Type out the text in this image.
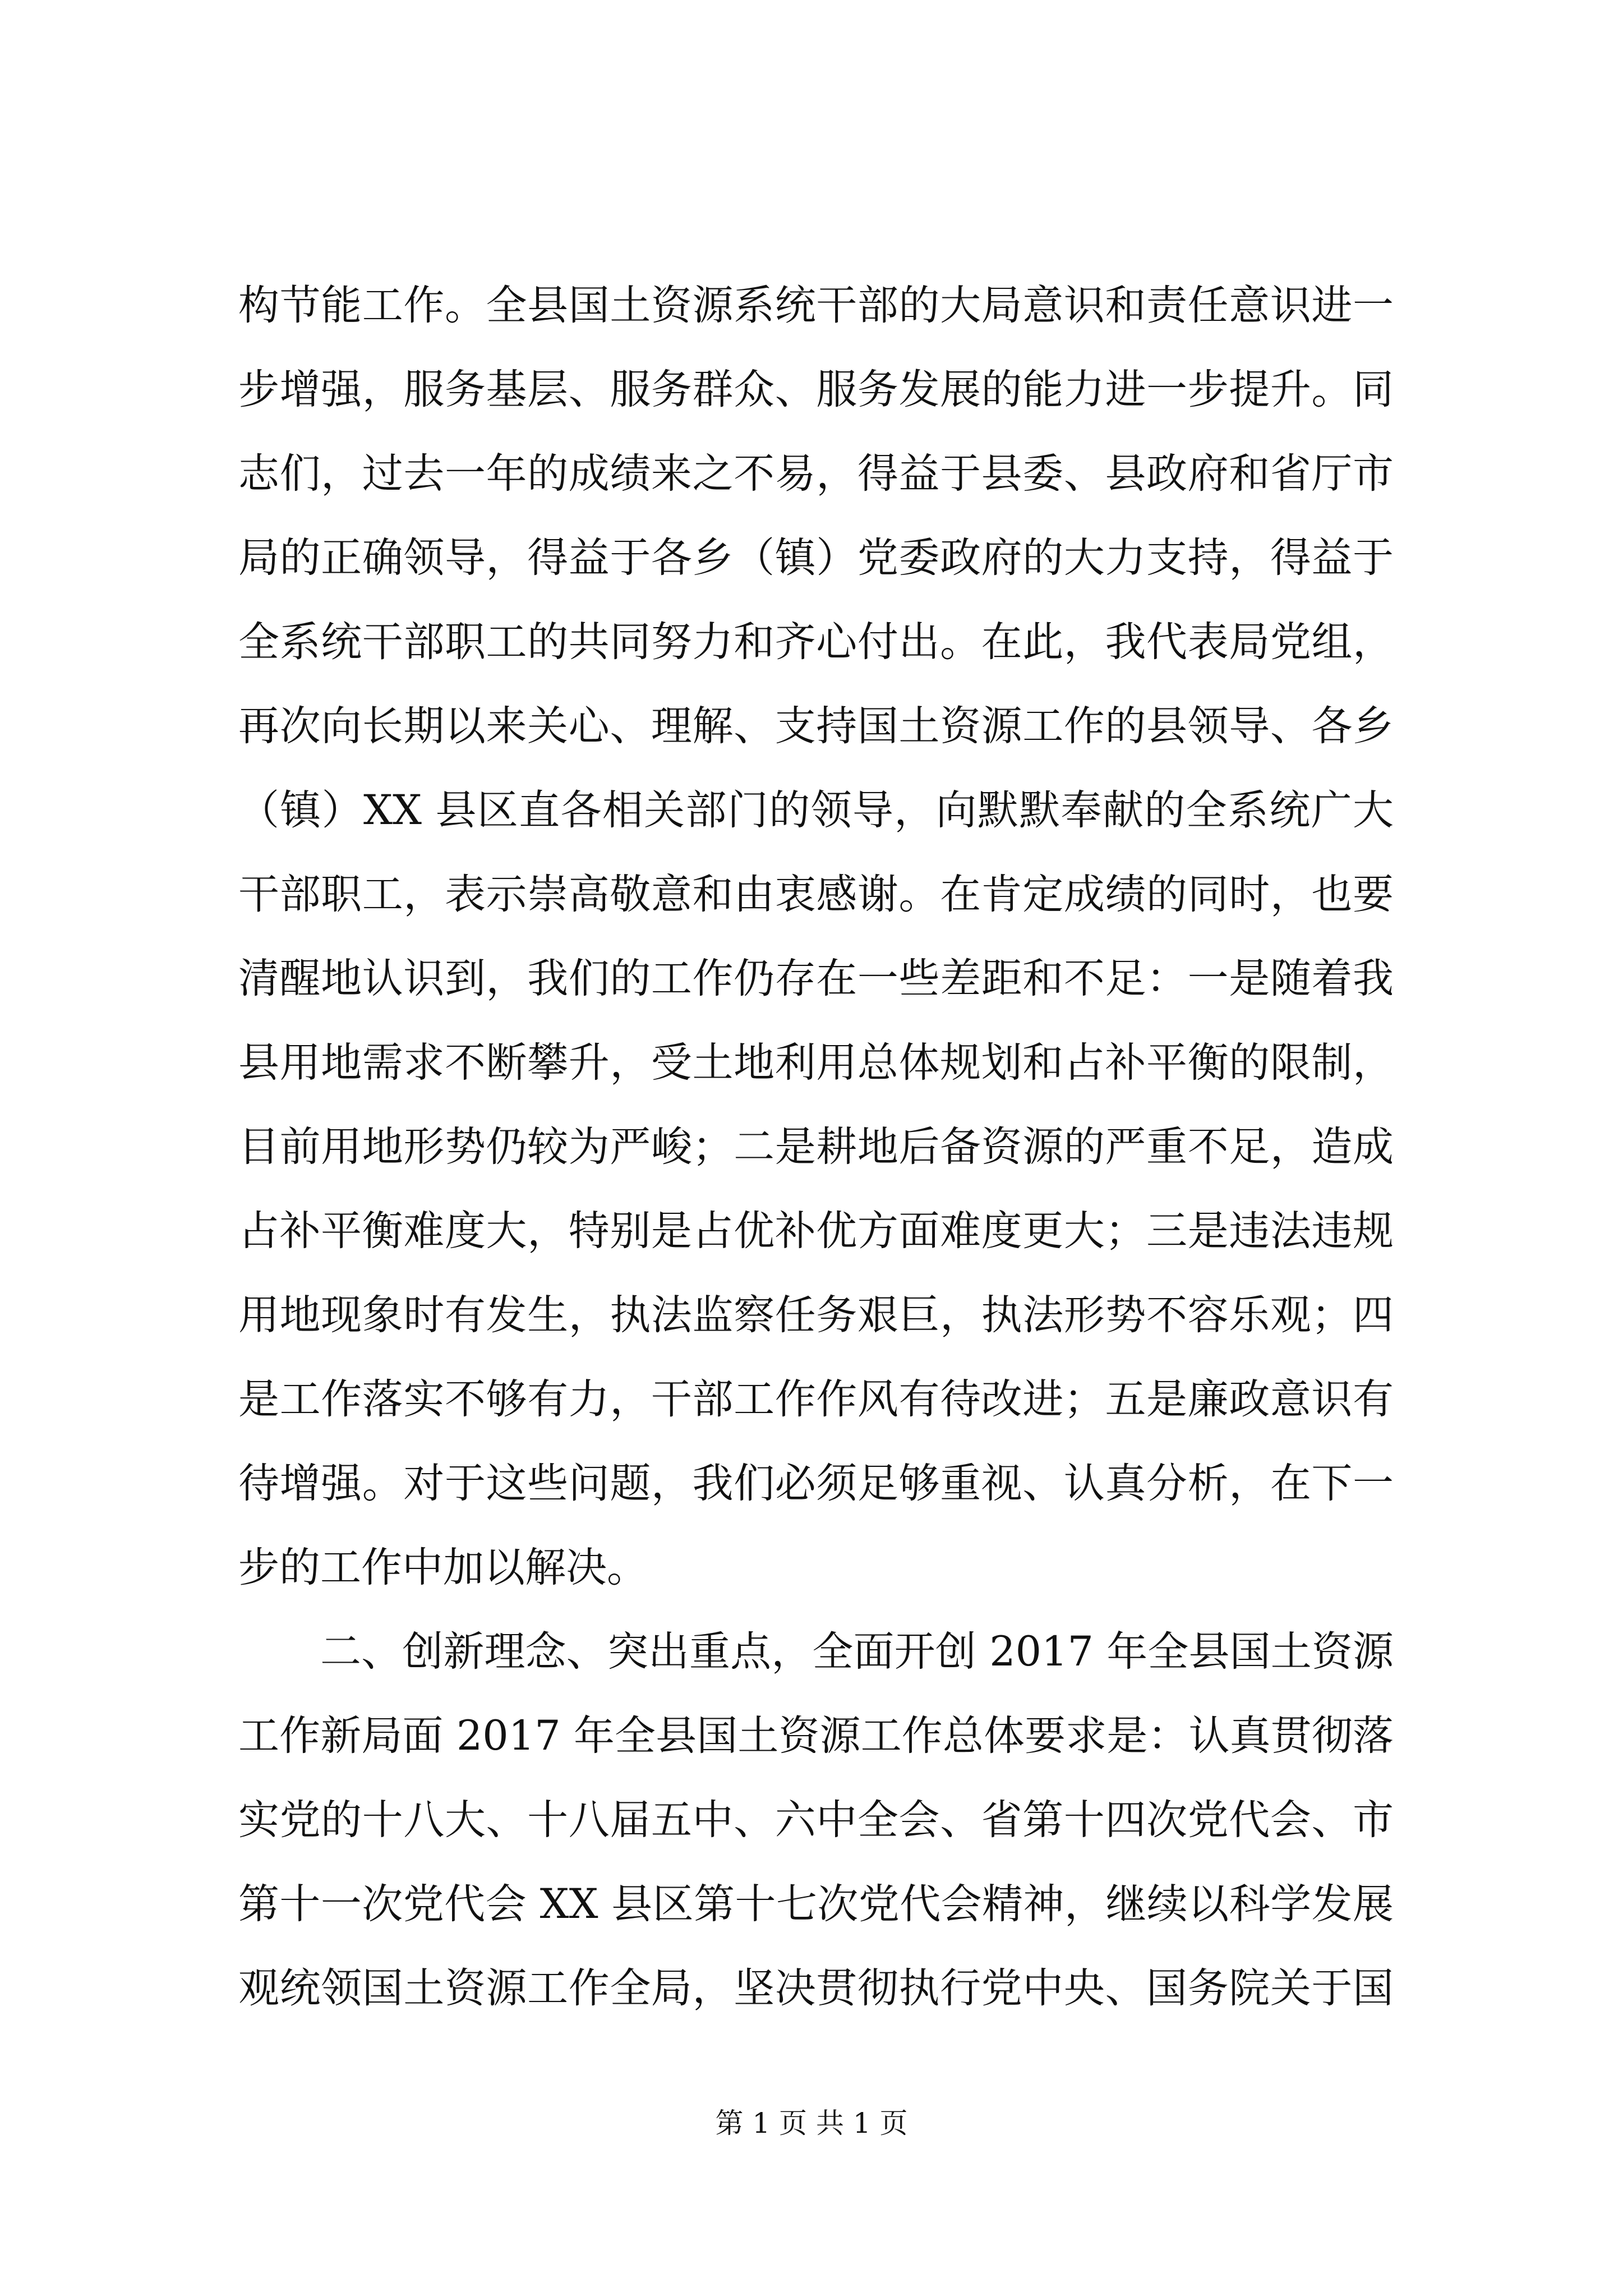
构节能工作。全县国土资源系统干部的大局意识和责任意识进一
步增强，服务基层、服务群众、服务发展的能力进一步提升。同
志们，过去一年的成绩来之不易，得益于县委、县政府和省厅市
局的正确领导，得益于各乡（镇）党委政府的大力支持，得益于
全系统干部职工的共同努力和齐心付出。在此，我代表局党组，
再次向长期以来关心、理解、支持国土资源工作的县领导、各乡
（镇）XX 县区直各相关部门的领导，向默默奉献的全系统广大
干部职工，表示崇高敬意和由衷感谢。在肯定成绩的同时，也要
清醒地认识到，我们的工作仍存在一些差距和不足：一是随着我
县用地需求不断攀升，受土地利用总体规划和占补平衡的限制，
目前用地形势仍较为严峻；二是耕地后备资源的严重不足，造成
占补平衡难度大，特别是占优补优方面难度更大；三是违法违规
用地现象时有发生，执法监察任务艰巨，执法形势不容乐观；四
是工作落实不够有力，干部工作作风有待改进；五是廉政意识有
待增强。对于这些问题，我们必须足够重视、认真分析，在下一
步的工作中加以解决。
二、创新理念、突出重点，全面开创 2017 年全县国土资源
工作新局面 2017 年全县国土资源工作总体要求是：认真贯彻落
实党的十八大、十八届五中、六中全会、省第十四次党代会、市
第十一次党代会 XX 县区第十七次党代会精神，继续以科学发展
观统领国土资源工作全局，坚决贯彻执行党中央、国务院关于国
第 1 页 共 1 页
